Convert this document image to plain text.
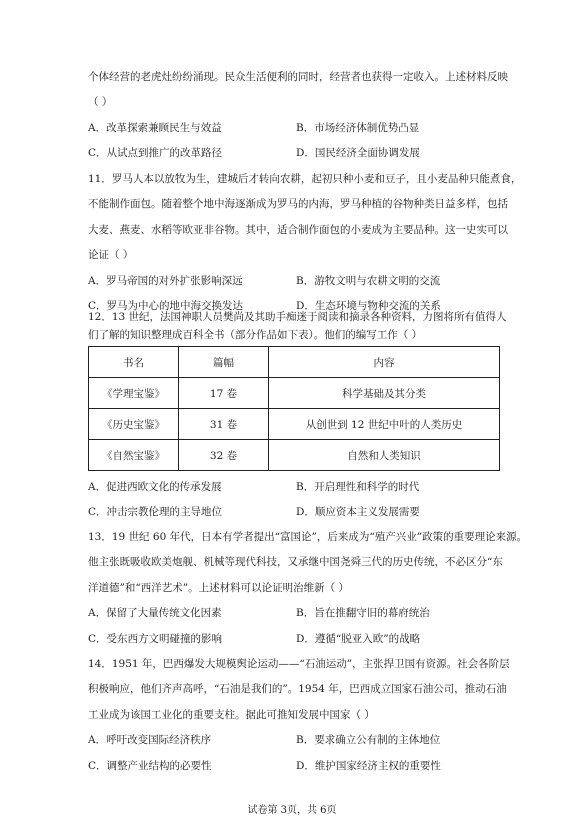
个体经营的老虎灶纷纷涌现。民众生活便利的同时，经营者也获得一定收入。上述材料反映
（ ）
A．改革探索兼顾民生与效益	B．市场经济体制优势凸显
C．从试点到推广的改革路径	D．国民经济全面协调发展
11．罗马人本以放牧为生，建城后才转向农耕，起初只种小麦和豆子，且小麦品种只能煮食，
不能制作面包。随着整个地中海逐渐成为罗马的内海，罗马种植的谷物种类日益多样，包括
大麦、燕麦、水稻等欧亚非谷物。其中，适合制作面包的小麦成为主要品种。这一史实可以
论证（ ）
A．罗马帝国的对外扩张影响深远	B．游牧文明与农耕文明的交流
C．罗马为中心的地中海交换发达	D．生态环境与物种交流的关系
12．13 世纪，法国神职人员樊尚及其助手痴迷于阅读和摘录各种资料，力图将所有值得人
们了解的知识整理成百科全书（部分作品如下表）。他们的编写工作（ ）
书名	篇幅	内容
《学理宝鉴》	17 卷	科学基础及其分类
《历史宝鉴》	31 卷	从创世到 12 世纪中叶的人类历史
《自然宝鉴》	32 卷	自然和人类知识
A．促进西欧文化的传承发展	B．开启理性和科学的时代
C．冲击宗教伦理的主导地位	D．顺应资本主义发展需要
13．19 世纪 60 年代，日本有学者提出“富国论”，后来成为“殖产兴业”政策的重要理论来源。
他主张既吸收欧美炮舰、机械等现代科技，又承继中国尧舜三代的历史传统，不必区分“东
洋道德”和“西洋艺术”。上述材料可以论证明治维新（ ）
A．保留了大量传统文化因素	B．旨在推翻守旧的幕府统治
C．受东西方文明碰撞的影响	D．遵循“脱亚入欧”的战略
14．1951 年，巴西爆发大规模舆论运动——“石油运动”，主张捍卫国有资源。社会各阶层
积极响应，他们齐声高呼，“石油是我们的”。1954 年，巴西成立国家石油公司，推动石油
工业成为该国工业化的重要支柱。据此可推知发展中国家（ ）
A．呼吁改变国际经济秩序	B．要求确立公有制的主体地位
C．调整产业结构的必要性	D．维护国家经济主权的重要性
试卷第 3页，共 6页
